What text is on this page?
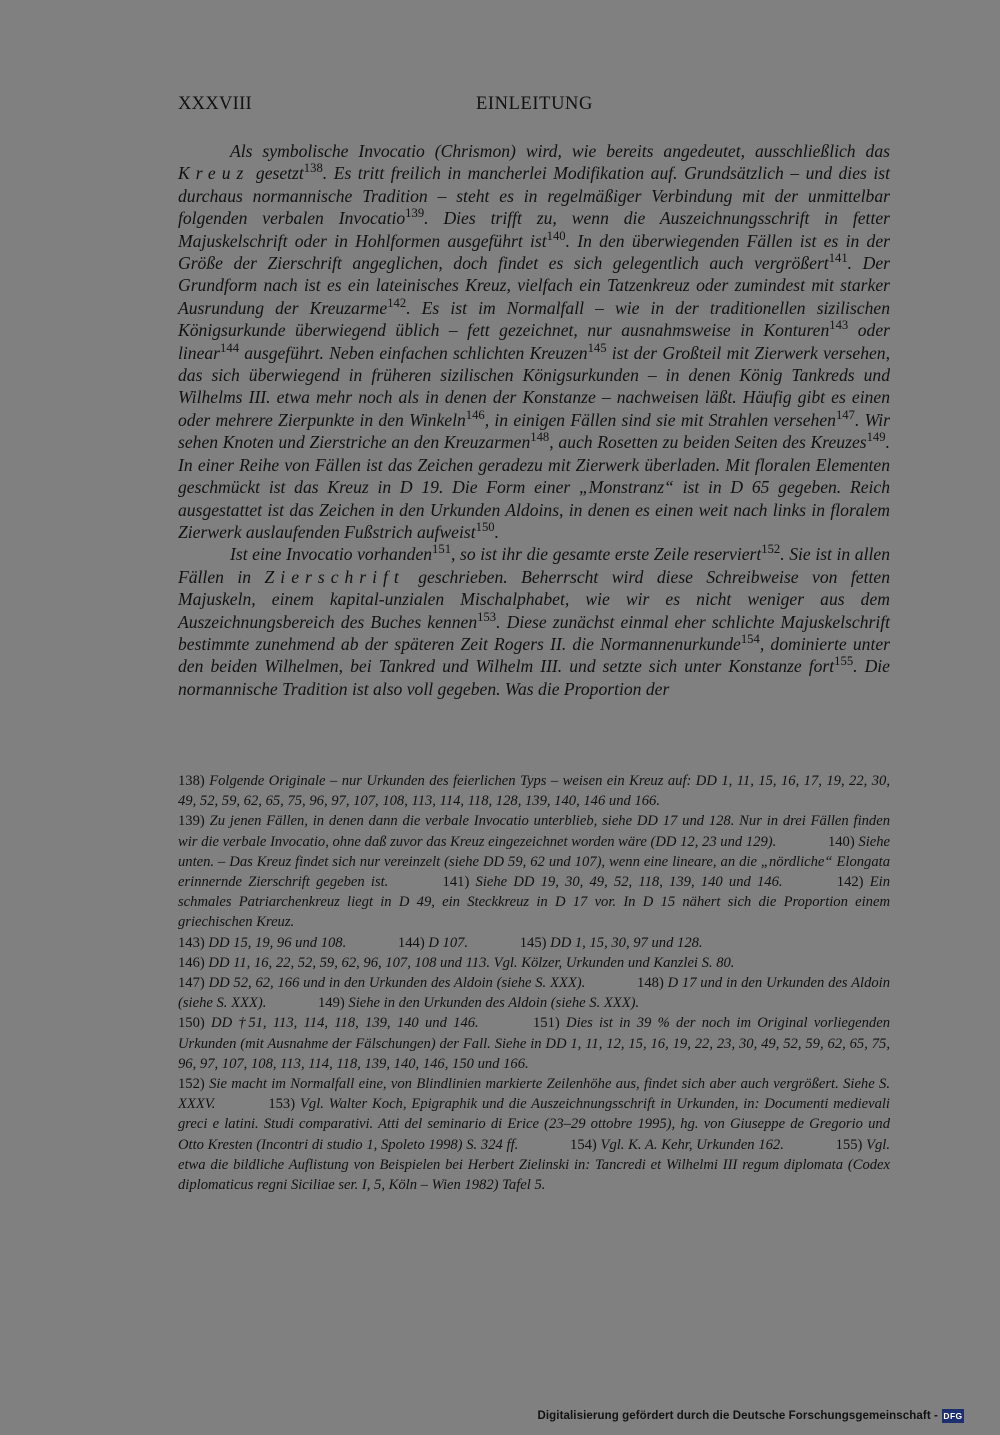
XXXVIII	EINLEITUNG

Als symbolische Invocatio (Chrismon) wird, wie bereits angedeutet, ausschließlich das Kreuz gesetzt$^{138}$. Es tritt freilich in mancherlei Modifikation auf. Grundsätzlich – und dies ist durchaus normannische Tradition – steht es in regelmäßiger Verbindung mit der unmittelbar folgenden verbalen Invocatio$^{139}$. Dies trifft zu, wenn die Auszeichnungsschrift in fetter Majuskelschrift oder in Hohlformen ausgeführt ist$^{140}$. In den überwiegenden Fällen ist es in der Größe der Zierschrift angeglichen, doch findet es sich gelegentlich auch vergrößert$^{141}$. Der Grundform nach ist es ein lateinisches Kreuz, vielfach ein Tatzenkreuz oder zumindest mit starker Ausrundung der Kreuzarme$^{142}$. Es ist im Normalfall – wie in der traditionellen sizilischen Königsurkunde überwiegend üblich – fett gezeichnet, nur ausnahmsweise in Konturen$^{143}$ oder linear$^{144}$ ausgeführt. Neben einfachen schlichten Kreuzen$^{145}$ ist der Großteil mit Zierwerk versehen, das sich überwiegend in früheren sizilischen Königsurkunden – in denen König Tankreds und Wilhelms III. etwa mehr noch als in denen der Konstanze – nachweisen läßt. Häufig gibt es einen oder mehrere Zierpunkte in den Winkeln$^{146}$, in einigen Fällen sind sie mit Strahlen versehen$^{147}$. Wir sehen Knoten und Zierstriche an den Kreuzarmen$^{148}$, auch Rosetten zu beiden Seiten des Kreuzes$^{149}$. In einer Reihe von Fällen ist das Zeichen geradezu mit Zierwerk überladen. Mit floralen Elementen geschmückt ist das Kreuz in D 19. Die Form einer „Monstranz“ ist in D 65 gegeben. Reich ausgestattet ist das Zeichen in den Urkunden Aldoins, in denen es einen weit nach links in floralem Zierwerk auslaufenden Fußstrich aufweist$^{150}$.

Ist eine Invocatio vorhanden$^{151}$, so ist ihr die gesamte erste Zeile reserviert$^{152}$. Sie ist in allen Fällen in Zierschrift geschrieben. Beherrscht wird diese Schreibweise von fetten Majuskeln, einem kapital-unzialen Mischalphabet, wie wir es nicht weniger aus dem Auszeichnungsbereich des Buches kennen$^{153}$. Diese zunächst einmal eher schlichte Majuskelschrift bestimmte zunehmend ab der späteren Zeit Rogers II. die Normannenurkunde$^{154}$, dominierte unter den beiden Wilhelmen, bei Tankred und Wilhelm III. und setzte sich unter Konstanze fort$^{155}$. Die normannische Tradition ist also voll gegeben. Was die Proportion der

138) Folgende Originale – nur Urkunden des feierlichen Typs – weisen ein Kreuz auf: DD 1, 11, 15, 16, 17, 19, 22, 30, 49, 52, 59, 62, 65, 75, 96, 97, 107, 108, 113, 114, 118, 128, 139, 140, 146 und 166.
139) Zu jenen Fällen, in denen dann die verbale Invocatio unterblieb, siehe DD 17 und 128. Nur in drei Fällen finden wir die verbale Invocatio, ohne daß zuvor das Kreuz eingezeichnet worden wäre (DD 12, 23 und 129).	140) Siehe unten. – Das Kreuz findet sich nur vereinzelt (siehe DD 59, 62 und 107), wenn eine lineare, an die „nördliche“ Elongata erinnernde Zierschrift gegeben ist.	141) Siehe DD 19, 30, 49, 52, 118, 139, 140 und 146.	142) Ein schmales Patriarchenkreuz liegt in D 49, ein Steckkreuz in D 17 vor. In D 15 nähert sich die Proportion einem griechischen Kreuz.
143) DD 15, 19, 96 und 108.	144) D 107.	145) DD 1, 15, 30, 97 und 128.
146) DD 11, 16, 22, 52, 59, 62, 96, 107, 108 und 113. Vgl. Kölzer, Urkunden und Kanzlei S. 80.
147) DD 52, 62, 166 und in den Urkunden des Aldoin (siehe S. XXX).	148) D 17 und in den Urkunden des Aldoin (siehe S. XXX).	149) Siehe in den Urkunden des Aldoin (siehe S. XXX).
150) DD †51, 113, 114, 118, 139, 140 und 146.	151) Dies ist in 39 % der noch im Original vorliegenden Urkunden (mit Ausnahme der Fälschungen) der Fall. Siehe in DD 1, 11, 12, 15, 16, 19, 22, 23, 30, 49, 52, 59, 62, 65, 75, 96, 97, 107, 108, 113, 114, 118, 139, 140, 146, 150 und 166.
152) Sie macht im Normalfall eine, von Blindlinien markierte Zeilenhöhe aus, findet sich aber auch vergrößert. Siehe S. XXXV.	153) Vgl. Walter Koch, Epigraphik und die Auszeichnungsschrift in Urkunden, in: Documenti medievali greci e latini. Studi comparativi. Atti del seminario di Erice (23–29 ottobre 1995), hg. von Giuseppe de Gregorio und Otto Kresten (Incontri di studio 1, Spoleto 1998) S. 324 ff.	154) Vgl. K. A. Kehr, Urkunden 162.	155) Vgl. etwa die bildliche Auflistung von Beispielen bei Herbert Zielinski in: Tancredi et Wilhelmi III regum diplomata (Codex diplomaticus regni Siciliae ser. I, 5, Köln – Wien 1982) Tafel 5.

Digitalisierung gefördert durch die Deutsche Forschungsgemeinschaft - DFG
